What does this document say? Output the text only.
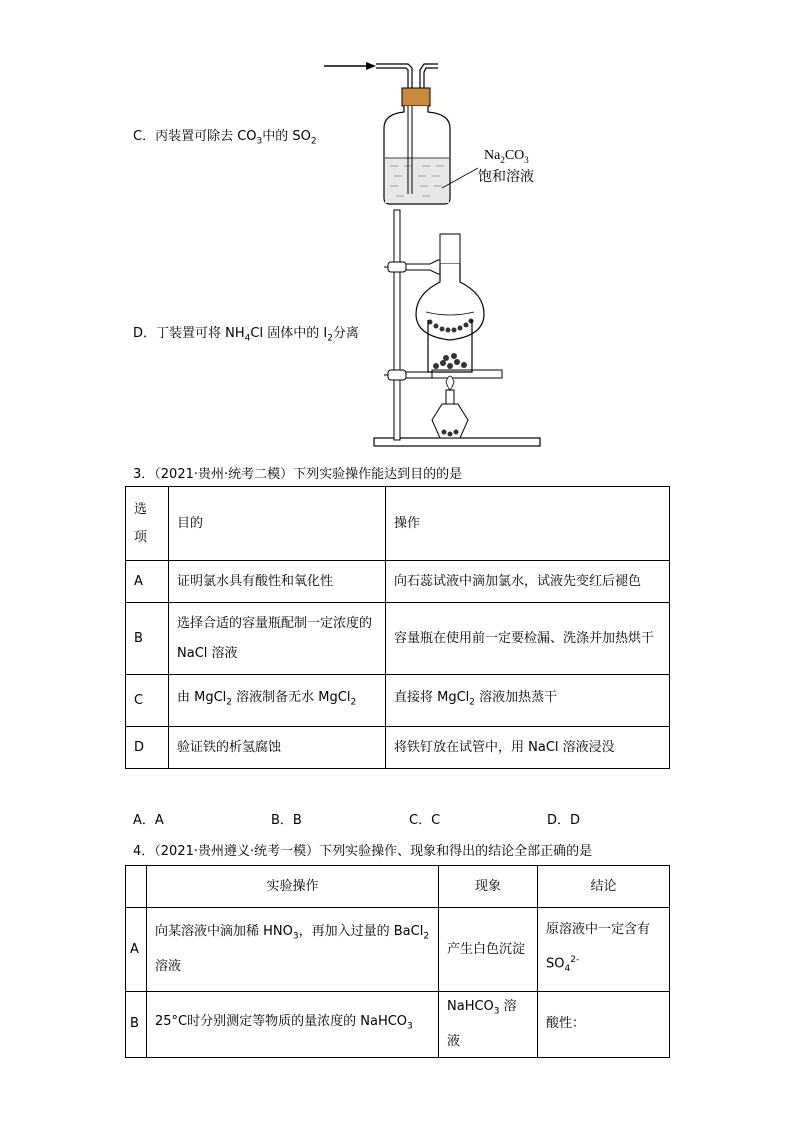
$Na_2CO_3$
饱和溶液
C．丙装置可除去 $CO_3$中的 $SO_2$
D．丁装置可将 $NH_4Cl$ 固体中的 $I_2$分离
3．（2021·贵州·统考二模）下列实验操作能达到目的的是
选项	目的	操作
A	证明氯水具有酸性和氧化性	向石蕊试液中滴加氯水，试液先变红后褪色
B	选择合适的容量瓶配制一定浓度的 NaCl 溶液	容量瓶在使用前一定要检漏、洗涤并加热烘干
C	由 MgCl$_2$ 溶液制备无水 MgCl$_2$	直接将 MgCl$_2$ 溶液加热蒸干
D	验证铁的析氢腐蚀	将铁钉放在试管中，用 NaCl 溶液浸没
A．A	B．B	C．C	D．D
4．（2021·贵州遵义·统考一模）下列实验操作、现象和得出的结论全部正确的是
	实验操作	现象	结论
A	向某溶液中滴加稀 $HNO_3$，再加入过量的 BaCl$_2$ 溶液	产生白色沉淀	原溶液中一定含有 $SO_4^{2-}$
B	25°C时分别测定等物质的量浓度的 NaHCO$_3$	NaHCO$_3$ 溶液	酸性：
